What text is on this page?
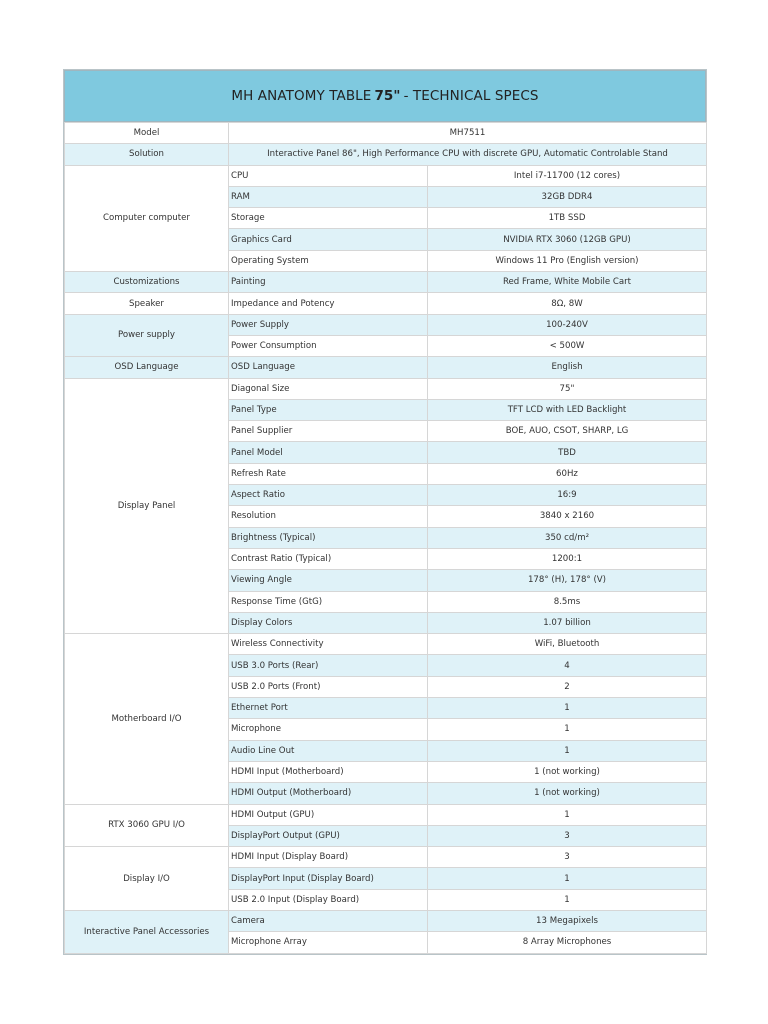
MH ANATOMY TABLE 75" - TECHNICAL SPECS
Model	MH7511	
Solution	Interactive Panel 86", High Performance CPU with discrete GPU, Automatic Controlable Stand	
Computer computer	CPU	Intel i7-11700 (12 cores)
	RAM	32GB DDR4
	Storage	1TB SSD
	Graphics Card	NVIDIA RTX 3060 (12GB GPU)
	Operating System	Windows 11 Pro (English version)
Customizations	Painting	Red Frame, White Mobile Cart
Speaker	Impedance and Potency	8Ω, 8W
Power supply	Power Supply	100-240V
	Power Consumption	< 500W
OSD Language	OSD Language	English
Display Panel	Diagonal Size	75"
	Panel Type	TFT LCD with LED Backlight
	Panel Supplier	BOE, AUO, CSOT, SHARP, LG
	Panel Model	TBD
	Refresh Rate	60Hz
	Aspect Ratio	16:9
	Resolution	3840 x 2160
	Brightness (Typical)	350 cd/m²
	Contrast Ratio (Typical)	1200:1
	Viewing Angle	178° (H), 178° (V)
	Response Time (GtG)	8.5ms
	Display Colors	1.07 billion
Motherboard I/O	Wireless Connectivity	WiFi, Bluetooth
	USB 3.0 Ports (Rear)	4
	USB 2.0 Ports (Front)	2
	Ethernet Port	1
	Microphone	1
	Audio Line Out	1
	HDMI Input (Motherboard)	1 (not working)
	HDMI Output (Motherboard)	1 (not working)
RTX 3060 GPU I/O	HDMI Output (GPU)	1
	DisplayPort Output (GPU)	3
Display I/O	HDMI Input (Display Board)	3
	DisplayPort Input (Display Board)	1
	USB 2.0 Input (Display Board)	1
Interactive Panel Accessories	Camera	13 Megapixels
	Microphone Array	8 Array Microphones
